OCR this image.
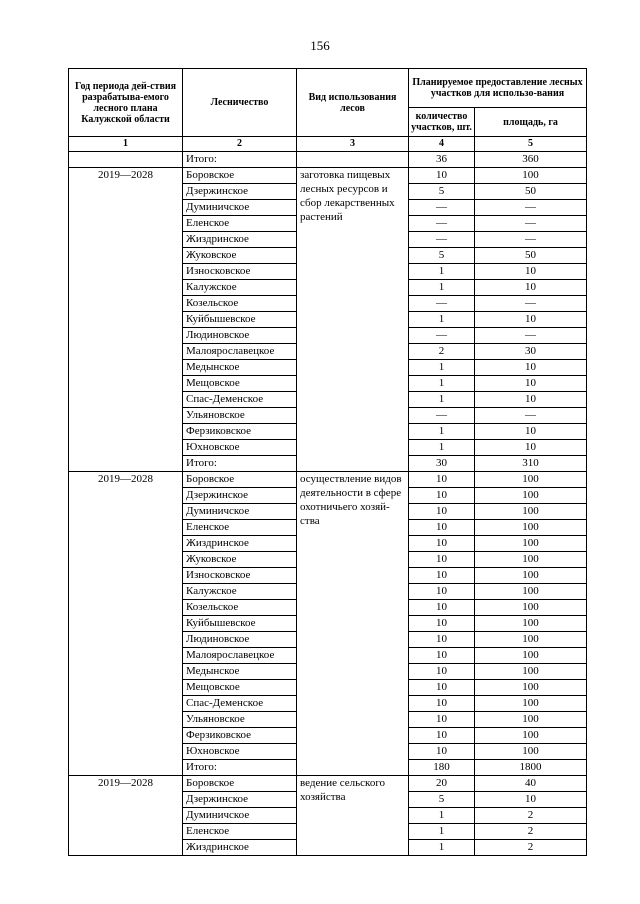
156
Год периода дей-ствия разрабатыва-емого лесного плана Калужской области	Лесничество	Вид использования лесов	Планируемое предоставление лесных участков для использо-вания	
			количество участков, шт.	площадь, га
1	2	3	4	5
	Итого:		36	360
2019—2028	Боровское	заготовка пищевых лесных ресурсов и сбор лекарственных растений	10	100
	Дзержинское		5	50
	Думиничское		—	—
	Еленское		—	—
	Жиздринское		—	—
	Жуковское		5	50
	Износковское		1	10
	Калужское		1	10
	Козельское		—	—
	Куйбышевское		1	10
	Людиновское		—	—
	Малоярославецкое		2	30
	Медынское		1	10
	Мещовское		1	10
	Спас-Деменское		1	10
	Ульяновское		—	—
	Ферзиковское		1	10
	Юхновское		1	10
	Итого:		30	310
2019—2028	Боровское	осуществление видов деятельности в сфере охотничьего хозяй-ства	10	100
	Дзержинское		10	100
	Думиничское		10	100
	Еленское		10	100
	Жиздринское		10	100
	Жуковское		10	100
	Износковское		10	100
	Калужское		10	100
	Козельское		10	100
	Куйбышевское		10	100
	Людиновское		10	100
	Малоярославецкое		10	100
	Медынское		10	100
	Мещовское		10	100
	Спас-Деменское		10	100
	Ульяновское		10	100
	Ферзиковское		10	100
	Юхновское		10	100
	Итого:		180	1800
2019—2028	Боровское	ведение сельского хозяйства	20	40
	Дзержинское		5	10
	Думиничское		1	2
	Еленское		1	2
	Жиздринское		1	2
